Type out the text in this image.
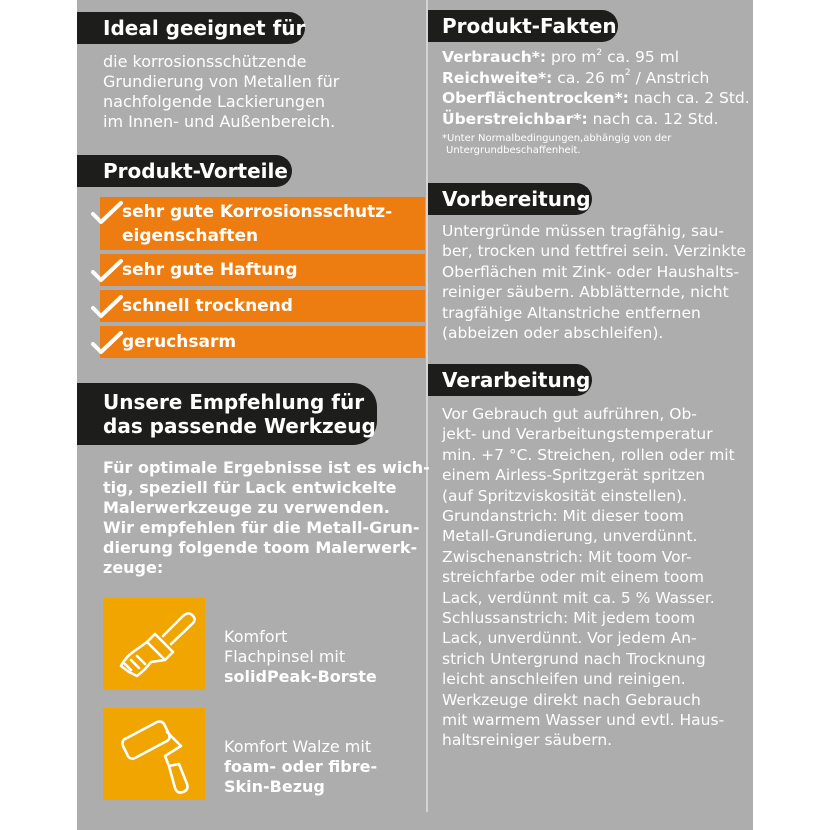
Ideal geeignet für
die korrosionsschützende
Grundierung von Metallen für
nachfolgende Lackierungen
im Innen- und Außenbereich.
Produkt-Vorteile
sehr gute Korrosionsschutz-
eigenschaften
sehr gute Haftung
schnell trocknend
geruchsarm
Unsere Empfehlung für
das passende Werkzeug
Für optimale Ergebnisse ist es wich-
tig, speziell für Lack entwickelte
Malerwerkzeuge zu verwenden.
Wir empfehlen für die Metall-Grun-
dierung folgende toom Malerwerk-
zeuge:
Komfort
Flachpinsel mit
solidPeak-Borste
Komfort Walze mit
foam- oder fibre-
Skin-Bezug
Produkt-Fakten
Verbrauch*: pro $m^2$ ca. 95 ml
Reichweite*: ca. 26 $m^2$ / Anstrich
Oberflächentrocken*: nach ca. 2 Std.
Überstreichbar*: nach ca. 12 Std.
*Unter Normalbedingungen,abhängig von der
Untergrundbeschaffenheit.
Vorbereitung
Untergründe müssen tragfähig, sau-
ber, trocken und fettfrei sein. Verzinkte
Oberflächen mit Zink- oder Haushalts-
reiniger säubern. Abblätternde, nicht
tragfähige Altanstriche entfernen
(abbeizen oder abschleifen).
Verarbeitung
Vor Gebrauch gut aufrühren, Ob-
jekt- und Verarbeitungstemperatur
min. +7 °C. Streichen, rollen oder mit
einem Airless-Spritzgerät spritzen
(auf Spritzviskosität einstellen).
Grundanstrich: Mit dieser toom
Metall-Grundierung, unverdünnt.
Zwischenanstrich: Mit toom Vor-
streichfarbe oder mit einem toom
Lack, verdünnt mit ca. 5 % Wasser.
Schlussanstrich: Mit jedem toom
Lack, unverdünnt. Vor jedem An-
strich Untergrund nach Trocknung
leicht anschleifen und reinigen.
Werkzeuge direkt nach Gebrauch
mit warmem Wasser und evtl. Haus-
haltsreiniger säubern.
